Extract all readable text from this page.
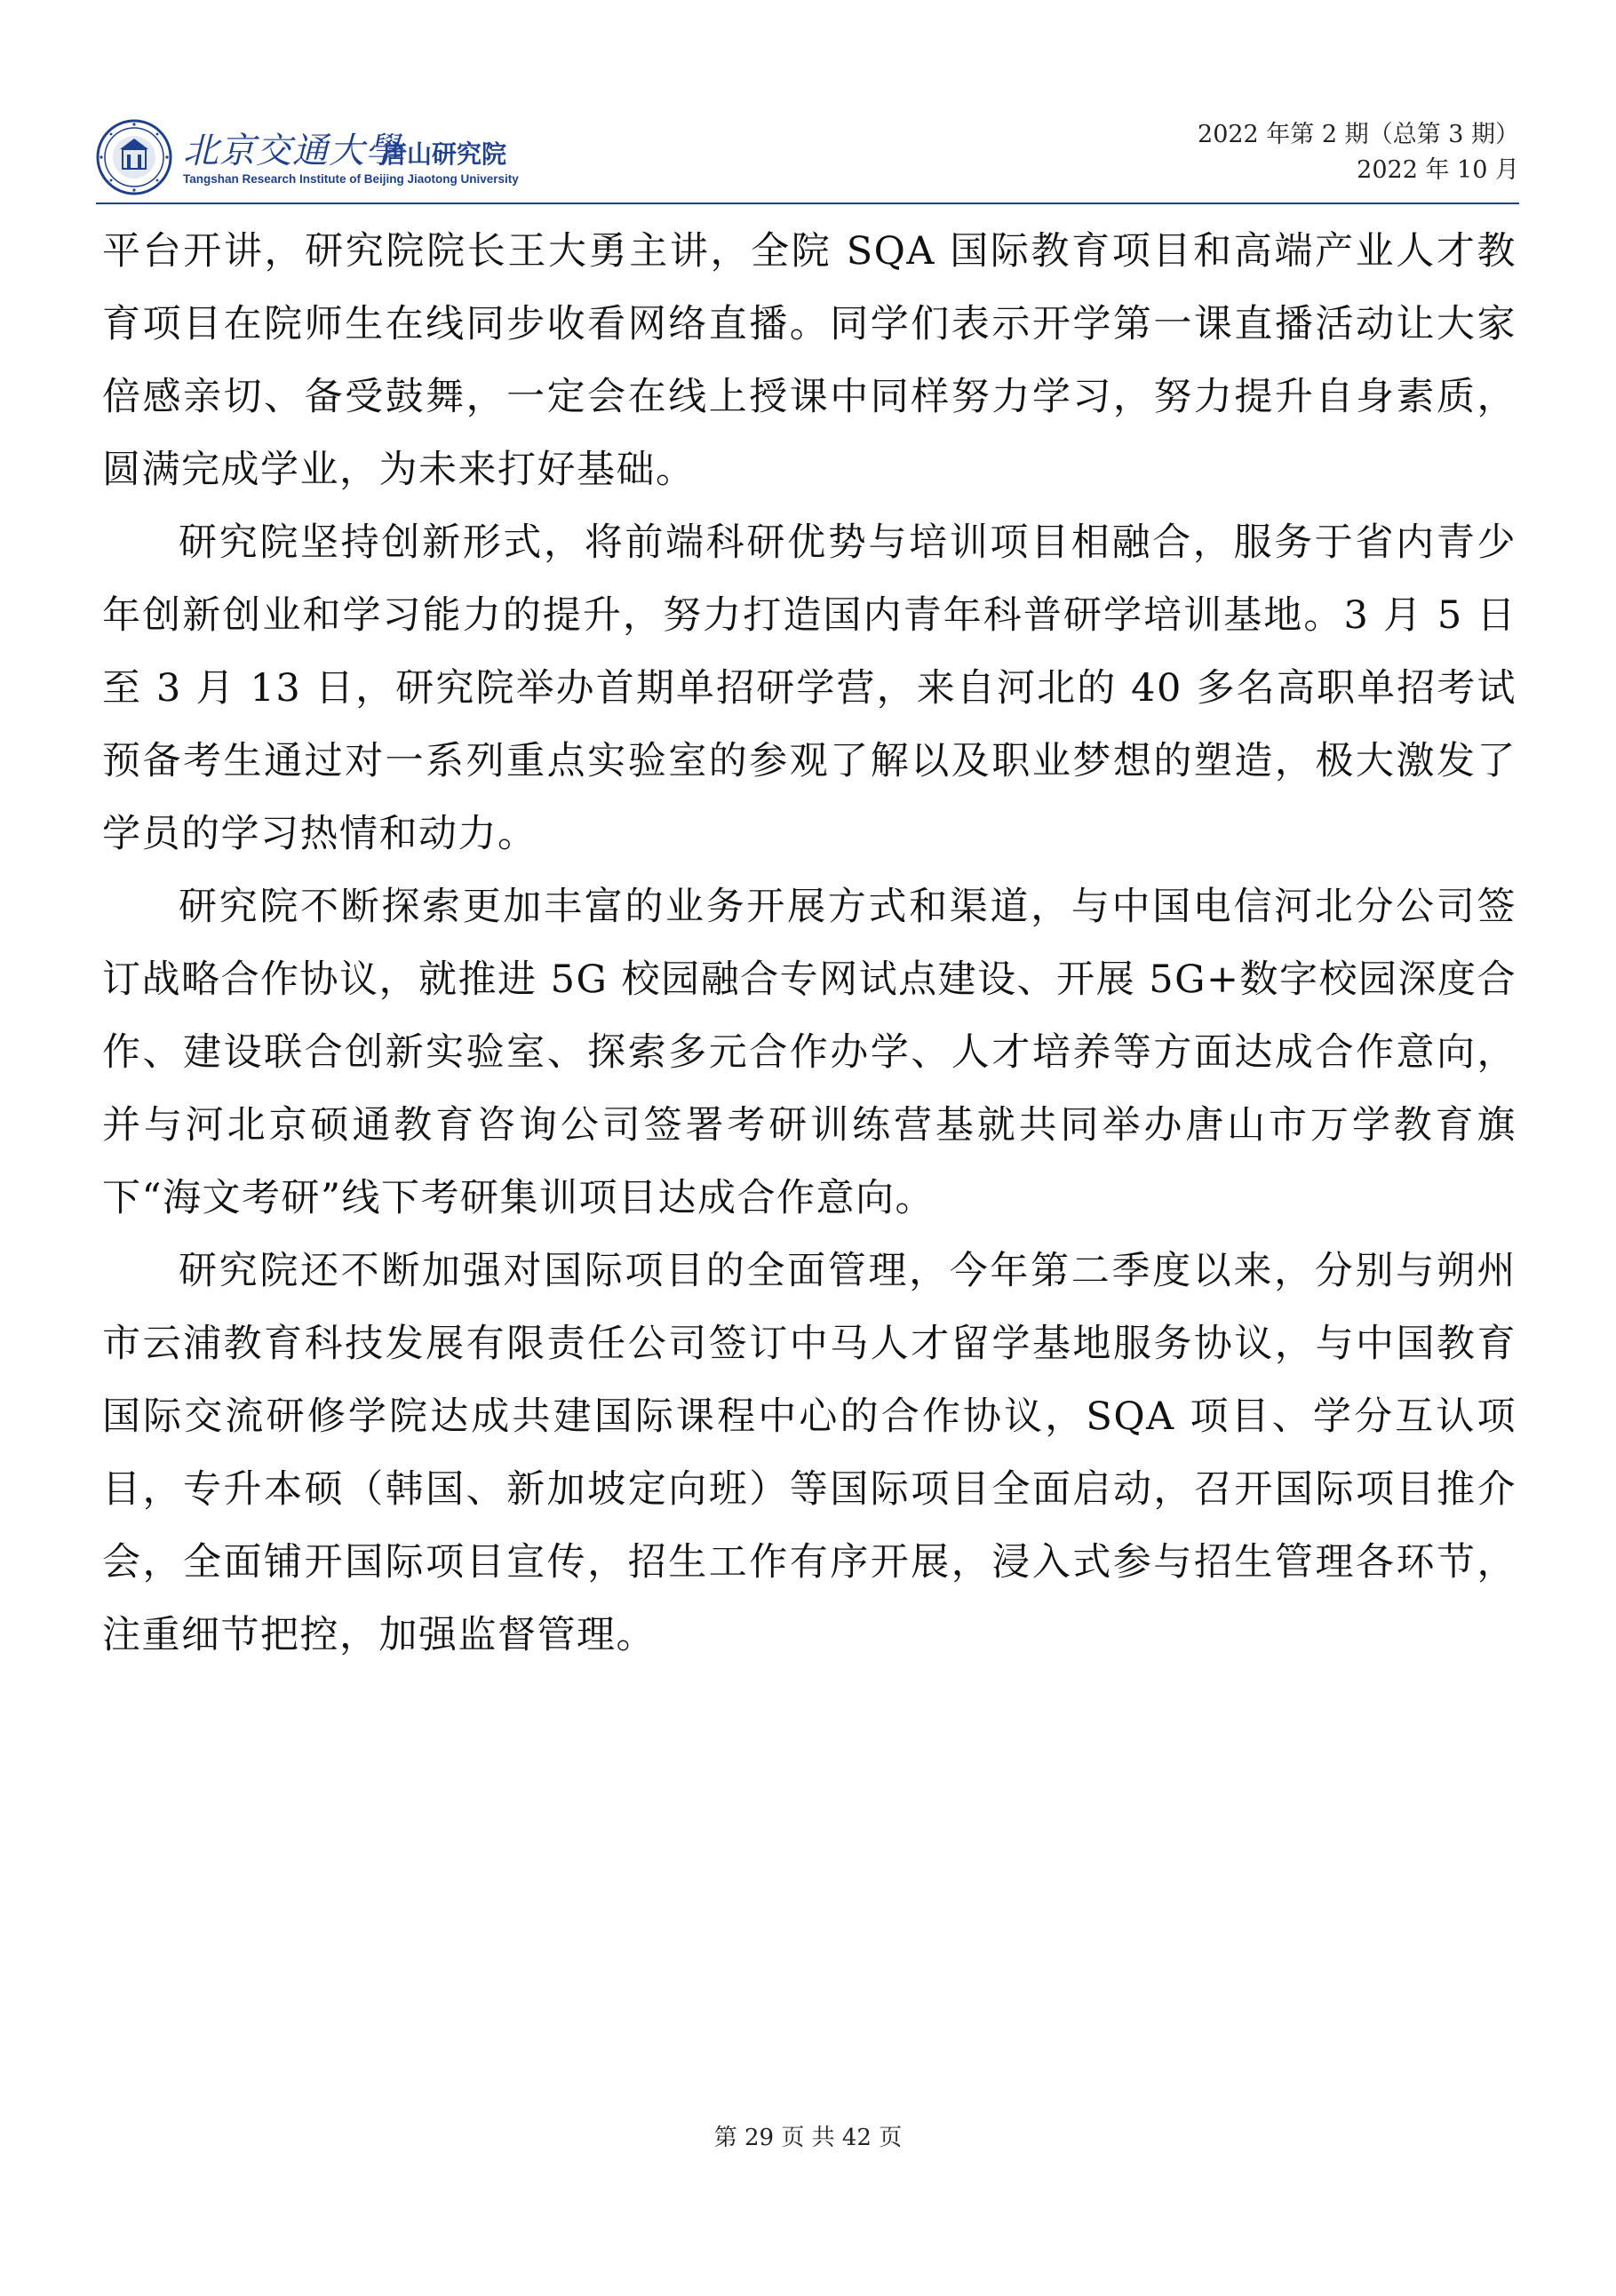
北京交通大學
唐山研究院
Tangshan Research Institute of Beijing Jiaotong University
2022 年第 2 期（总第 3 期）
2022 年 10 月

平台开讲，研究院院长王大勇主讲，全院 SQA 国际教育项目和高端产业人才教育项目在院师生在线同步收看网络直播。同学们表示开学第一课直播活动让大家倍感亲切、备受鼓舞，一定会在线上授课中同样努力学习，努力提升自身素质，圆满完成学业，为未来打好基础。

研究院坚持创新形式，将前端科研优势与培训项目相融合，服务于省内青少年创新创业和学习能力的提升，努力打造国内青年科普研学培训基地。3 月 5 日至 3 月 13 日，研究院举办首期单招研学营，来自河北的 40 多名高职单招考试预备考生通过对一系列重点实验室的参观了解以及职业梦想的塑造，极大激发了学员的学习热情和动力。

研究院不断探索更加丰富的业务开展方式和渠道，与中国电信河北分公司签订战略合作协议，就推进 5G 校园融合专网试点建设、开展 5G+数字校园深度合作、建设联合创新实验室、探索多元合作办学、人才培养等方面达成合作意向，并与河北京硕通教育咨询公司签署考研训练营基就共同举办唐山市万学教育旗下“海文考研”线下考研集训项目达成合作意向。

研究院还不断加强对国际项目的全面管理，今年第二季度以来，分别与朔州市云浦教育科技发展有限责任公司签订中马人才留学基地服务协议，与中国教育国际交流研修学院达成共建国际课程中心的合作协议，SQA 项目、学分互认项目，专升本硕（韩国、新加坡定向班）等国际项目全面启动，召开国际项目推介会，全面铺开国际项目宣传，招生工作有序开展，浸入式参与招生管理各环节，注重细节把控，加强监督管理。

第 29 页 共 42 页
